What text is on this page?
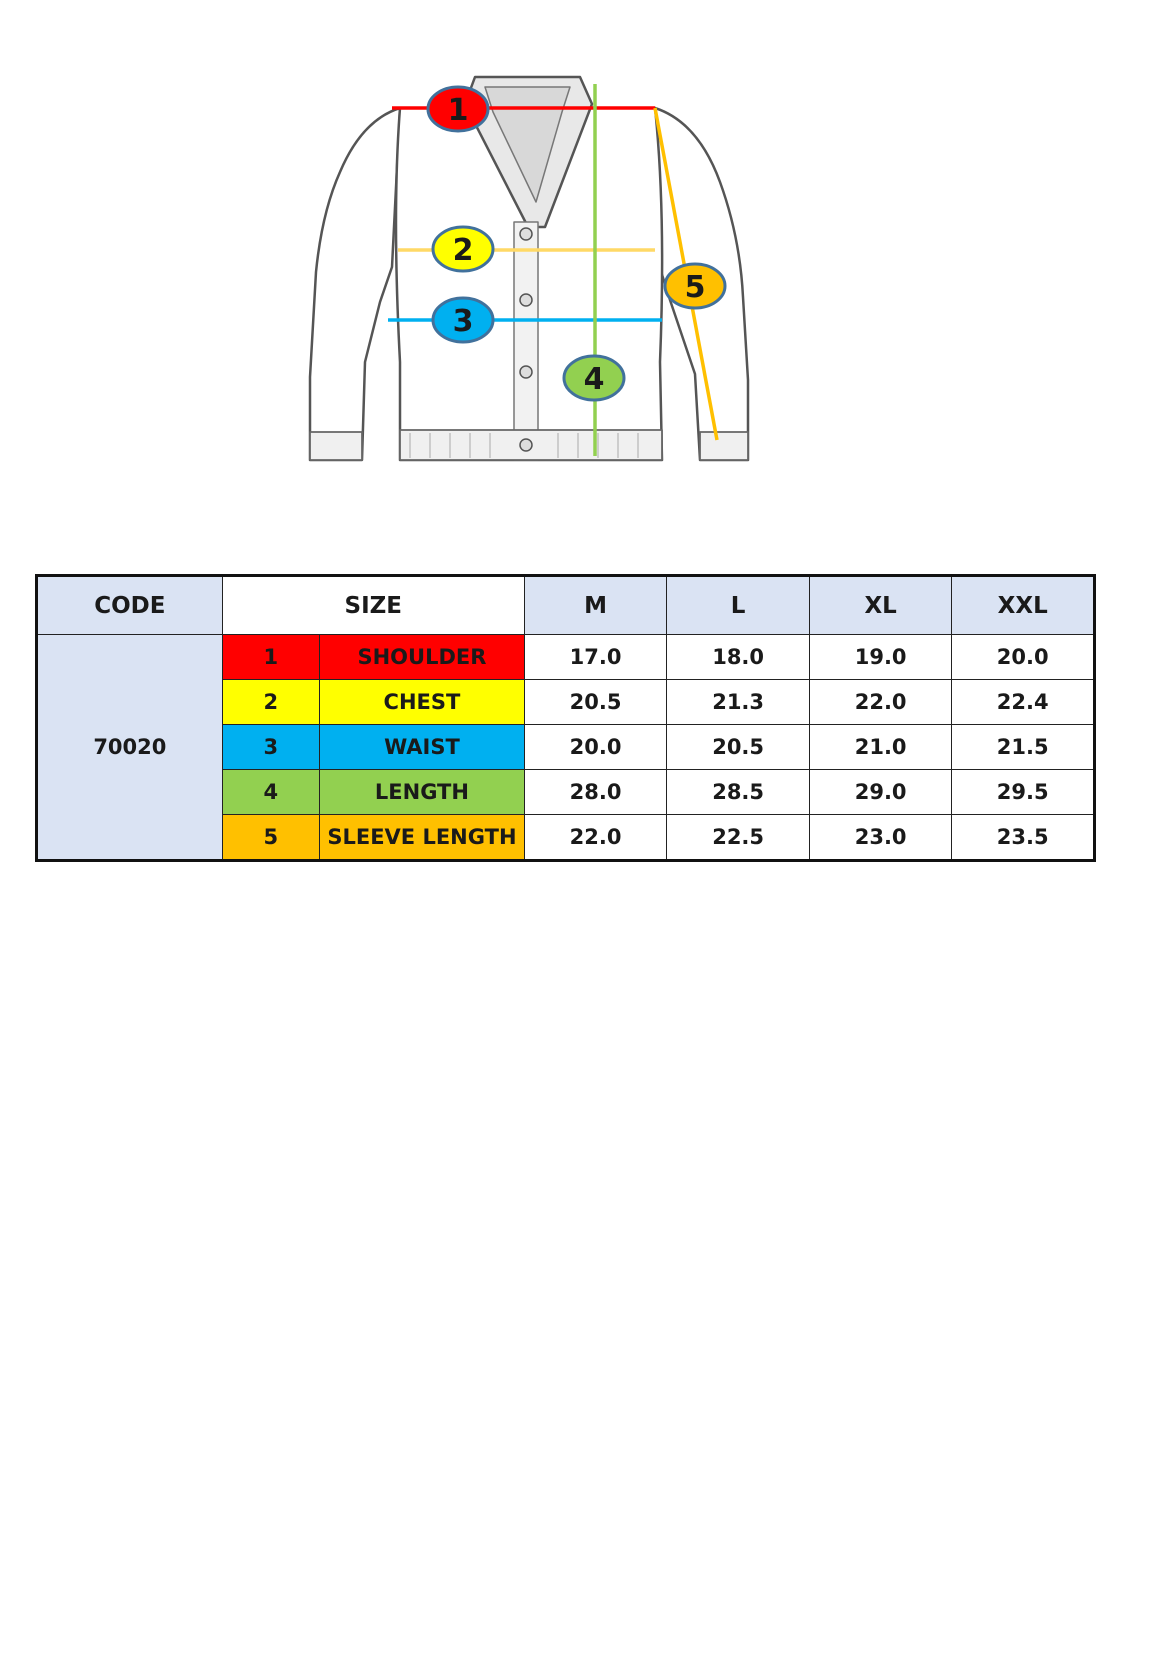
1
2
3
4
5
CODE	SIZE		M	L	XL	XXL
70020	1	SHOULDER	17.0	18.0	19.0	20.0
	2	CHEST	20.5	21.3	22.0	22.4
	3	WAIST	20.0	20.5	21.0	21.5
	4	LENGTH	28.0	28.5	29.0	29.5
	5	SLEEVE LENGTH	22.0	22.5	23.0	23.5
